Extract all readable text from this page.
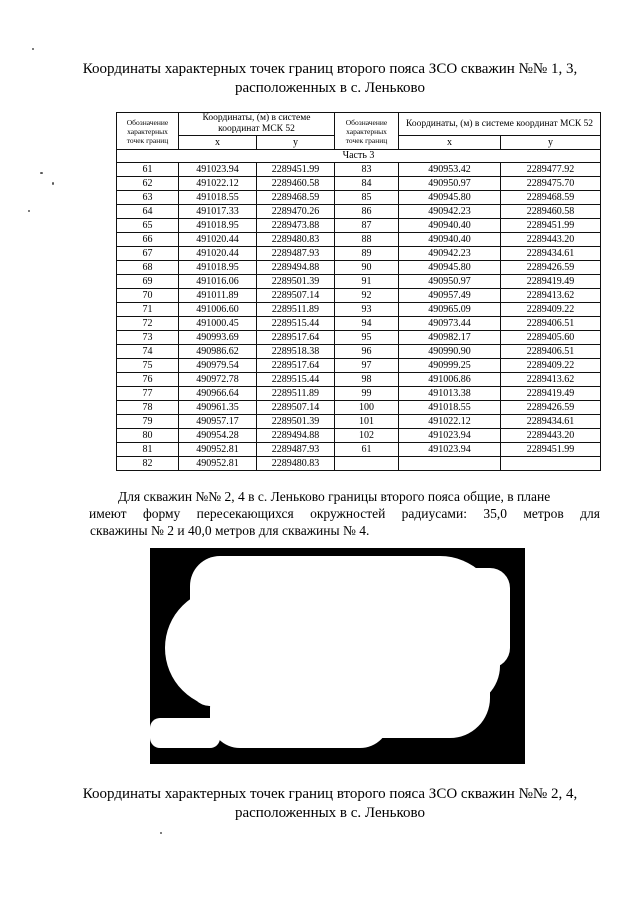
Координаты характерных точек границ второго пояса ЗСО скважин №№ 1, 3,
расположенных в с. Леньково
Обозначение характерных точек границ	Координаты, (м) в системе координат МСК 52		Обозначение характерных точек границ	Координаты, (м) в системе координат МСК 52	
	x	y		x	y
Часть 3					
61	491023.94	2289451.99	83	490953.42	2289477.92
62	491022.12	2289460.58	84	490950.97	2289475.70
63	491018.55	2289468.59	85	490945.80	2289468.59
64	491017.33	2289470.26	86	490942.23	2289460.58
65	491018.95	2289473.88	87	490940.40	2289451.99
66	491020.44	2289480.83	88	490940.40	2289443.20
67	491020.44	2289487.93	89	490942.23	2289434.61
68	491018.95	2289494.88	90	490945.80	2289426.59
69	491016.06	2289501.39	91	490950.97	2289419.49
70	491011.89	2289507.14	92	490957.49	2289413.62
71	491006.60	2289511.89	93	490965.09	2289409.22
72	491000.45	2289515.44	94	490973.44	2289406.51
73	490993.69	2289517.64	95	490982.17	2289405.60
74	490986.62	2289518.38	96	490990.90	2289406.51
75	490979.54	2289517.64	97	490999.25	2289409.22
76	490972.78	2289515.44	98	491006.86	2289413.62
77	490966.64	2289511.89	99	491013.38	2289419.49
78	490961.35	2289507.14	100	491018.55	2289426.59
79	490957.17	2289501.39	101	491022.12	2289434.61
80	490954.28	2289494.88	102	491023.94	2289443.20
81	490952.81	2289487.93	61	491023.94	2289451.99
82	490952.81	2289480.83			

Для скважин №№ 2, 4 в с. Леньково границы второго пояса общие, в плане

имеют форму пересекающихся окружностей радиусами: 35,0 метров для

скважины № 2 и 40,0 метров для скважины № 4.

Координаты характерных точек границ второго пояса ЗСО скважин №№ 2, 4,
расположенных в с. Леньково
